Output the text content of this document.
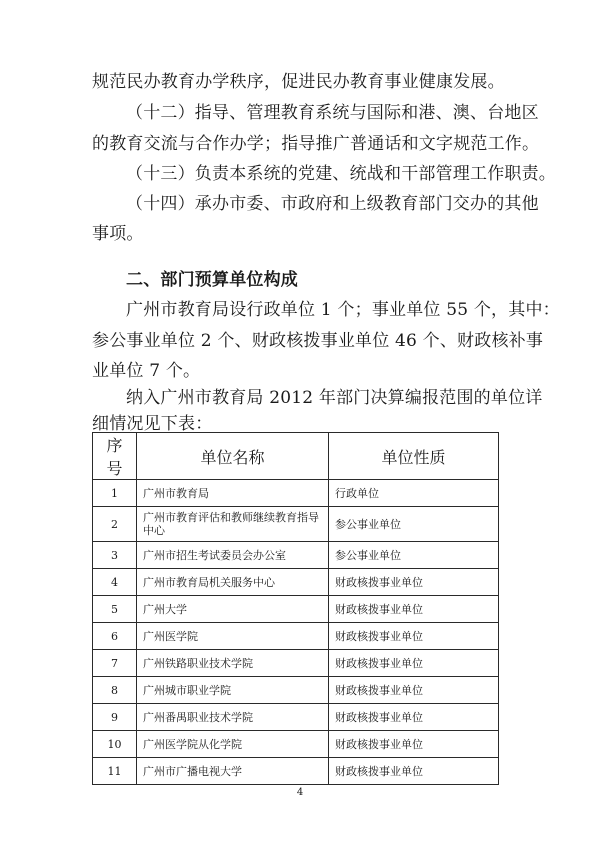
规范民办教育办学秩序，促进民办教育事业健康发展。
（十二）指导、管理教育系统与国际和港、澳、台地区
的教育交流与合作办学；指导推广普通话和文字规范工作。
（十三）负责本系统的党建、统战和干部管理工作职责。
（十四）承办市委、市政府和上级教育部门交办的其他
事项。
二、部门预算单位构成
广州市教育局设行政单位 1 个；事业单位 55 个，其中：
参公事业单位 2 个、财政核拨事业单位 46 个、财政核补事
业单位 7 个。
纳入广州市教育局 2012 年部门决算编报范围的单位详
细情况见下表：
序号	单位名称	单位性质
1	广州市教育局	行政单位
2	广州市教育评估和教师继续教育指导中心	参公事业单位
3	广州市招生考试委员会办公室	参公事业单位
4	广州市教育局机关服务中心	财政核拨事业单位
5	广州大学	财政核拨事业单位
6	广州医学院	财政核拨事业单位
7	广州铁路职业技术学院	财政核拨事业单位
8	广州城市职业学院	财政核拨事业单位
9	广州番禺职业技术学院	财政核拨事业单位
10	广州医学院从化学院	财政核拨事业单位
11	广州市广播电视大学	财政核拨事业单位
4
